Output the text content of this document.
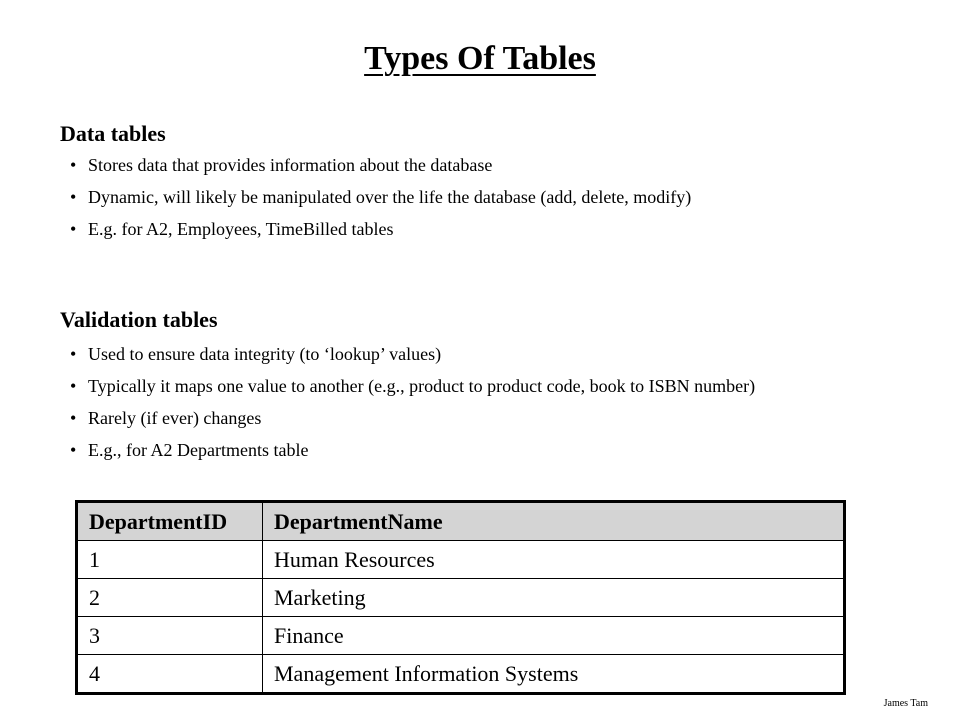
Types Of Tables
Data tables
• Stores data that provides information about the database
• Dynamic, will likely be manipulated over the life the database (add, delete, modify)
• E.g. for A2, Employees, TimeBilled tables
Validation tables
• Used to ensure data integrity (to ‘lookup’ values)
• Typically it maps one value to another (e.g., product to product code, book to ISBN number)
• Rarely (if ever) changes
• E.g., for A2 Departments table
DepartmentID	DepartmentName
1	Human Resources
2	Marketing
3	Finance
4	Management Information Systems
James Tam
